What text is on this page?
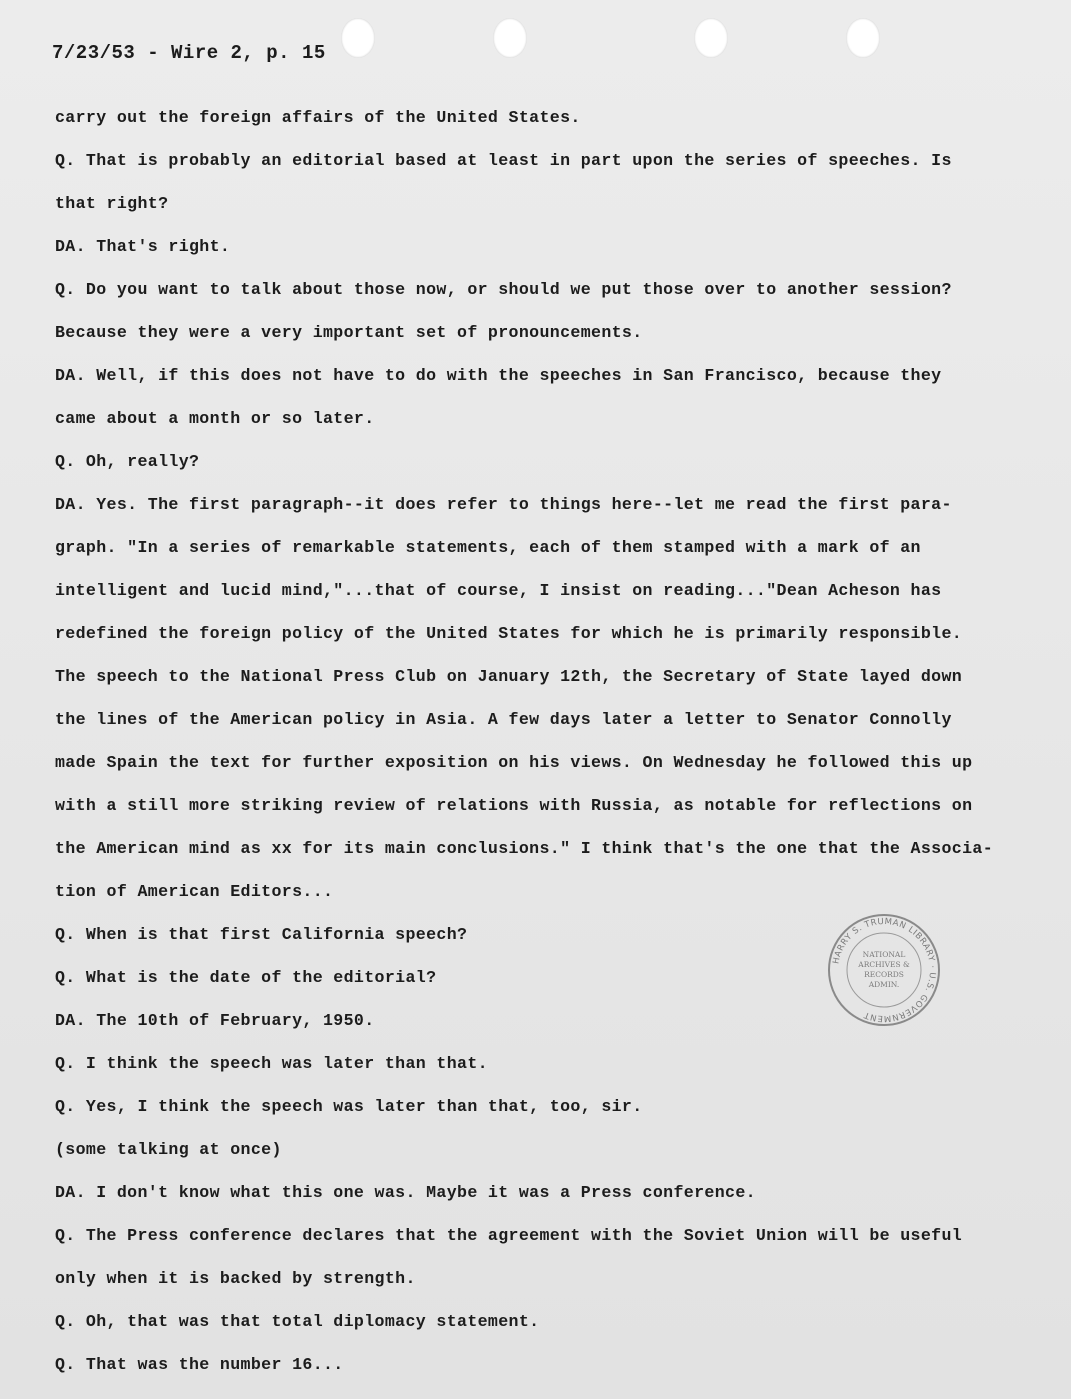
7/23/53 - Wire 2, p. 15
carry out the foreign affairs of the United States.
Q. That is probably an editorial based at least in part upon the series of speeches. Is
that right?
DA. That's right.
Q. Do you want to talk about those now, or should we put those over to another session?
Because they were a very important set of pronouncements.
DA. Well, if this does not have to do with the speeches in San Francisco, because they
came about a month or so later.
Q. Oh, really?
DA. Yes. The first paragraph--it does refer to things here--let me read the first para-
graph. "In a series of remarkable statements, each of them stamped with a mark of an
intelligent and lucid mind,"...that of course, I insist on reading..."Dean Acheson has
redefined the foreign policy of the United States for which he is primarily responsible.
The speech to the National Press Club on January 12th, the Secretary of State layed down
the lines of the American policy in Asia. A few days later a letter to Senator Connolly
made Spain the text for further exposition on his views. On Wednesday he followed this up
with a still more striking review of relations with Russia, as notable for reflections on
the American mind as xx for its main conclusions." I think that's the one that the Associa-
tion of American Editors...
Q. When is that first California speech?
Q. What is the date of the editorial?
DA. The 10th of February, 1950.
Q. I think the speech was later than that.
Q. Yes, I think the speech was later than that, too, sir.
(some talking at once)
DA. I don't know what this one was. Maybe it was a Press conference.
Q. The Press conference declares that the agreement with the Soviet Union will be useful
only when it is backed by strength.
Q. Oh, that was that total diplomacy statement.
Q. That was the number 16...
HARRY S. TRUMAN LIBRARY · U.S. GOVERNMENT
NATIONAL
ARCHIVES &
RECORDS
ADMIN.
